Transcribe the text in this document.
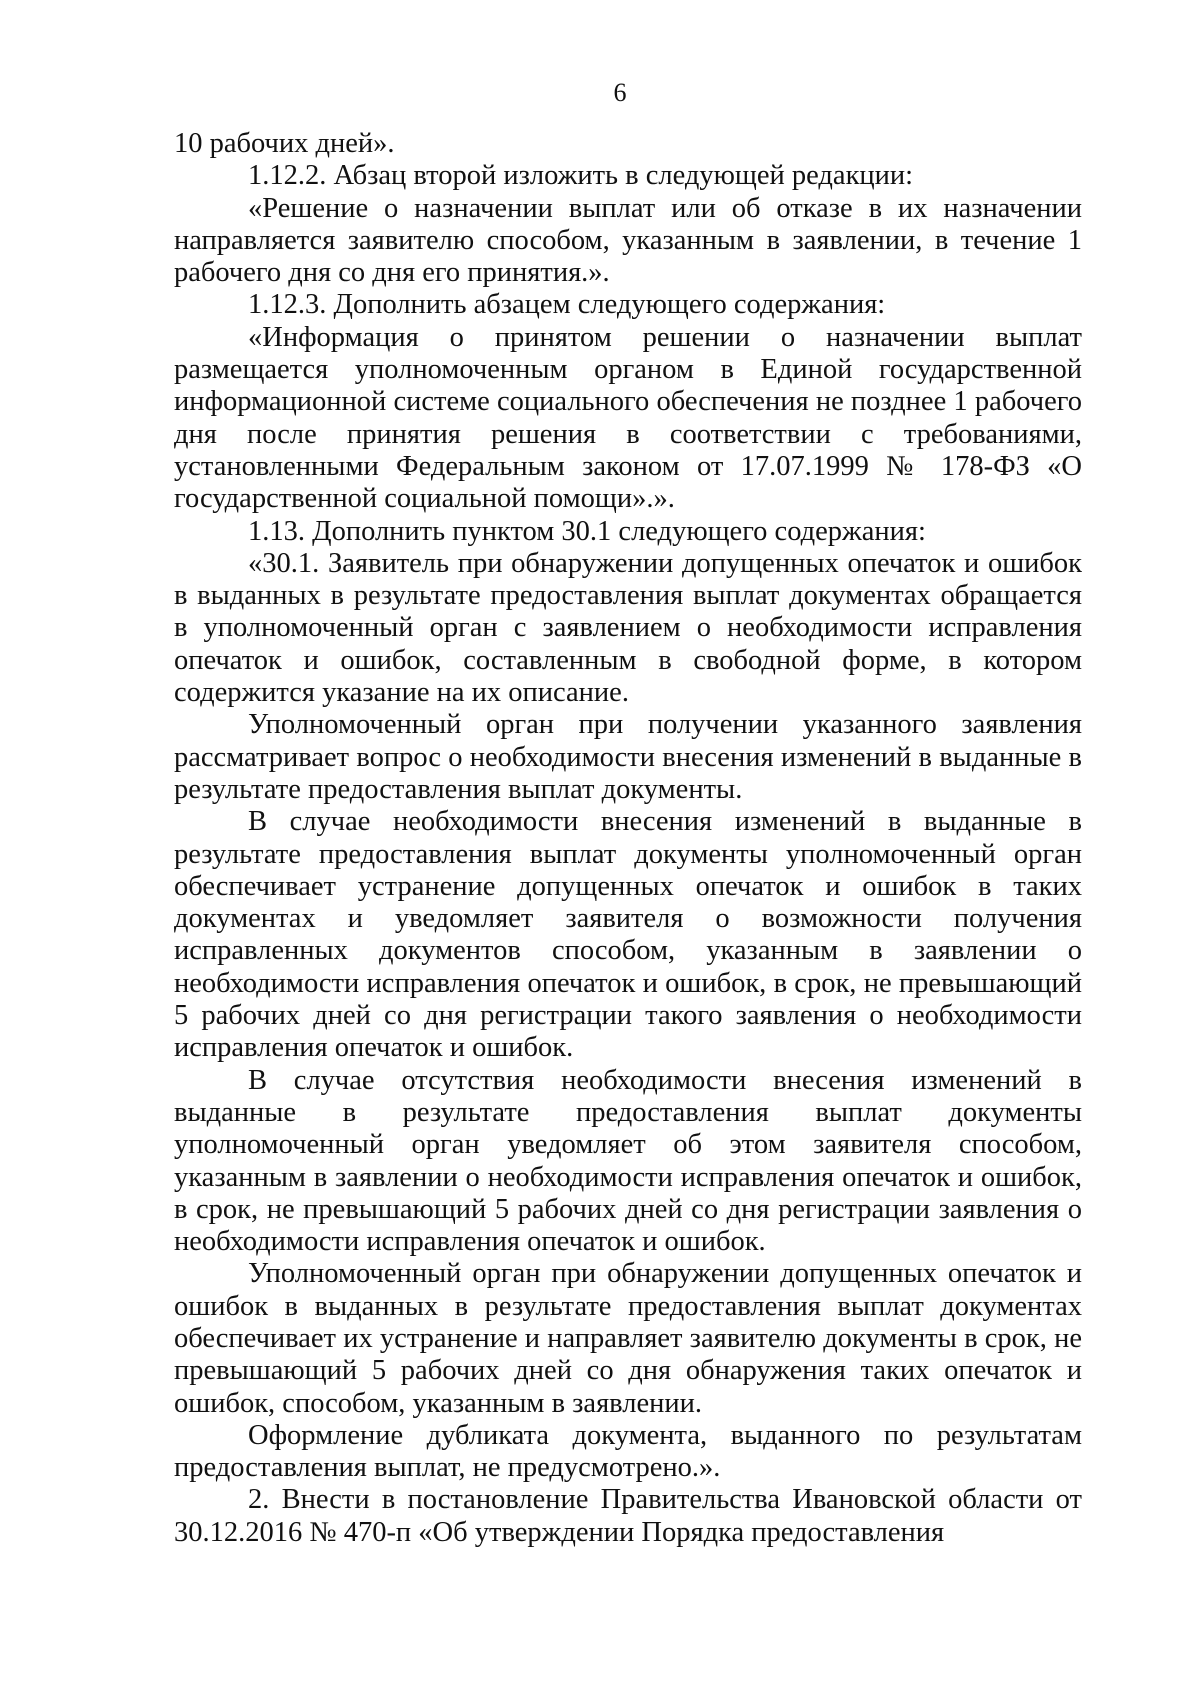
6

10 рабочих дней».

1.12.2. Абзац второй изложить в следующей редакции:

«Решение о назначении выплат или об отказе в их назначении направляется заявителю способом, указанным в заявлении, в течение 1 рабочего дня со дня его принятия.».

1.12.3. Дополнить абзацем следующего содержания:

«Информация о принятом решении о назначении выплат размещается уполномоченным органом в Единой государственной информационной системе социального обеспечения не позднее 1 рабочего дня после принятия решения в соответствии с требованиями, установленными Федеральным законом от 17.07.1999 № 178-ФЗ «О государственной социальной помощи».».

1.13. Дополнить пунктом 30.1 следующего содержания:

«30.1. Заявитель при обнаружении допущенных опечаток и ошибок в выданных в результате предоставления выплат документах обращается в уполномоченный орган с заявлением о необходимости исправления опечаток и ошибок, составленным в свободной форме, в котором содержится указание на их описание.

Уполномоченный орган при получении указанного заявления рассматривает вопрос о необходимости внесения изменений в выданные в результате предоставления выплат документы.

В случае необходимости внесения изменений в выданные в результате предоставления выплат документы уполномоченный орган обеспечивает устранение допущенных опечаток и ошибок в таких документах и уведомляет заявителя о возможности получения исправленных документов способом, указанным в заявлении о необходимости исправления опечаток и ошибок, в срок, не превышающий 5 рабочих дней со дня регистрации такого заявления о необходимости исправления опечаток и ошибок.

В случае отсутствия необходимости внесения изменений в выданные в результате предоставления выплат документы уполномоченный орган уведомляет об этом заявителя способом, указанным в заявлении о необходимости исправления опечаток и ошибок, в срок, не превышающий 5 рабочих дней со дня регистрации заявления о необходимости исправления опечаток и ошибок.

Уполномоченный орган при обнаружении допущенных опечаток и ошибок в выданных в результате предоставления выплат документах обеспечивает их устранение и направляет заявителю документы в срок, не превышающий 5 рабочих дней со дня обнаружения таких опечаток и ошибок, способом, указанным в заявлении.

Оформление дубликата документа, выданного по результатам предоставления выплат, не предусмотрено.».

2. Внести в постановление Правительства Ивановской области от 30.12.2016 № 470-п «Об утверждении Порядка предоставления
